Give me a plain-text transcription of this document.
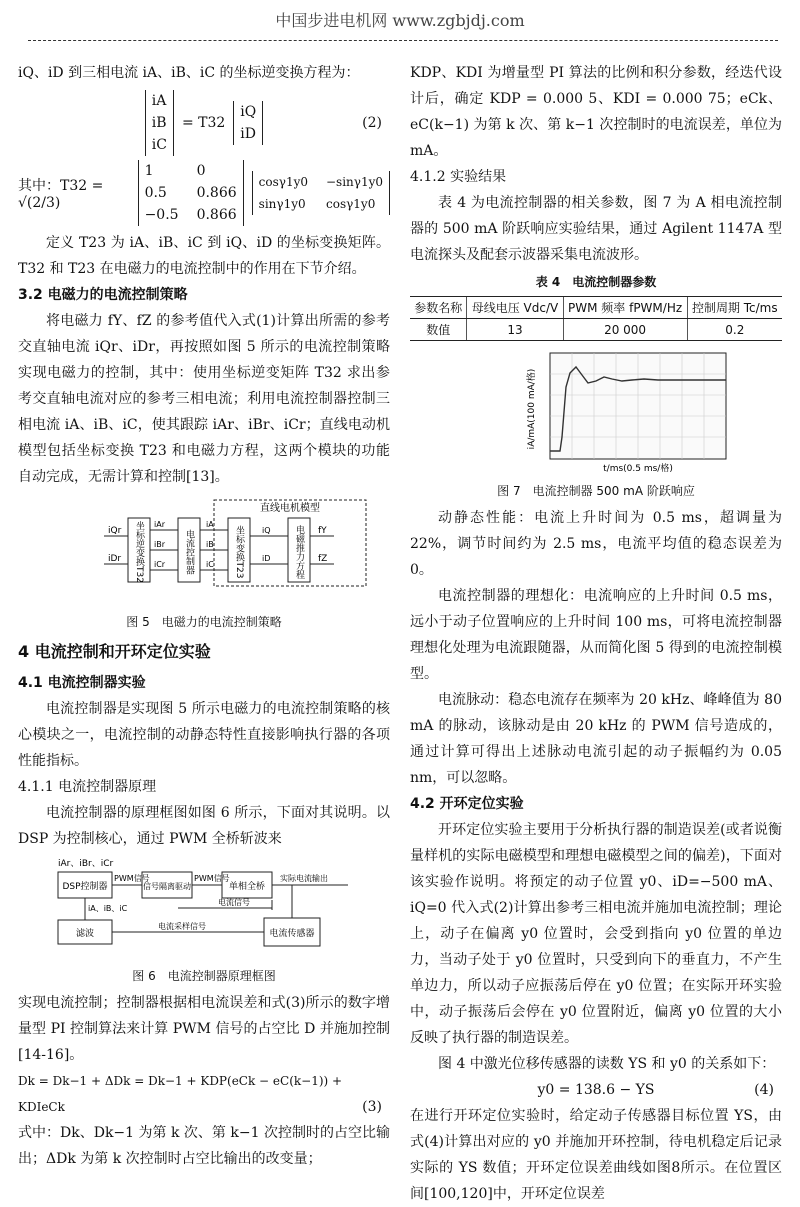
中国步进电机网 www.zgbjdj.com

iQ、iD 到三相电流 iA、iB、iC 的坐标逆变换方程为：

iA
iB
iC
= T32
iQ
iD
(2)
其中：T32 = √(2/3)
1	0
0.5	0.866
−0.5 0.866
cosγ1y0 −sinγ1y0
sinγ1y0 cosγ1y0

定义 T23 为 iA、iB、iC 到 iQ、iD 的坐标变换矩阵。T32 和 T23 在电磁力的电流控制中的作用在下节介绍。

3.2 电磁力的电流控制策略

将电磁力 fY、fZ 的参考值代入式(1)计算出所需的参考交直轴电流 iQr、iDr，再按照如图 5 所示的电流控制策略实现电磁力的控制，其中：使用坐标逆变矩阵 T32 求出参考交直轴电流对应的参考三相电流；利用电流控制器控制三相电流 iA、iB、iC，使其跟踪 iAr、iBr、iCr；直线电动机模型包括坐标变换 T23 和电磁力方程，这两个模块的功能自动完成，无需计算和控制[13]。

直线电机模型
坐标逆变换T32	电流控制器	坐标变换T23	电磁推力方程
iQr
iDr
iAr
iBr
iCr
iA
iB
iC
iQ
iD
fY
fZ
图 5　电磁力的电流控制策略
4 电流控制和开环定位实验
4.1 电流控制器实验

电流控制器是实现图 5 所示电磁力的电流控制策略的核心模块之一，电流控制的动静态特性直接影响执行器的各项性能指标。

4.1.1 电流控制器原理

电流控制器的原理框图如图 6 所示，下面对其说明。以 DSP 为控制核心，通过 PWM 全桥斩波来

iAr、iBr、iCr
DSP控制器	信号隔离驱动	单相全桥
滤波	电流传感器
PWM信号	PWM信号	实际电流输出
电流信号
电流采样信号
iA、iB、iC
图 6　电流控制器原理框图

实现电流控制；控制器根据相电流误差和式(3)所示的数字增量型 PI 控制算法来计算 PWM 信号的占空比 D 并施加控制[14-16]。

Dk = Dk−1 + ΔDk = Dk−1 + KDP(eCk − eC(k−1)) + KDIeCk	(3)

式中：Dk、Dk−1 为第 k 次、第 k−1 次控制时的占空比输出；ΔDk 为第 k 次控制时占空比输出的改变量；

KDP、KDI 为增量型 PI 算法的比例和积分参数，经迭代设计后，确定 KDP = 0.000 5、KDI = 0.000 75；eCk、eC(k−1) 为第 k 次、第 k−1 次控制时的电流误差，单位为 mA。

4.1.2 实验结果

表 4 为电流控制器的相关参数，图 7 为 A 相电流控制器的 500 mA 阶跃响应实验结果，通过 Agilent 1147A 型电流探头及配套示波器采集电流波形。

表 4　电流控制器参数
参数名称	母线电压 Vdc/V	PWM 频率 fPWM/Hz	控制周期 Tc/ms
数值	13	20 000	0.2
iA/mA(100 mA/格)
t/ms(0.5 ms/格)
图 7　电流控制器 500 mA 阶跃响应

动静态性能：电流上升时间为 0.5 ms，超调量为 22%，调节时间约为 2.5 ms，电流平均值的稳态误差为 0。

电流控制器的理想化：电流响应的上升时间 0.5 ms，远小于动子位置响应的上升时间 100 ms，可将电流控制器理想化处理为电流跟随器，从而简化图 5 得到的电流控制模型。

电流脉动：稳态电流存在频率为 20 kHz、峰峰值为 80 mA 的脉动，该脉动是由 20 kHz 的 PWM 信号造成的，通过计算可得出上述脉动电流引起的动子振幅约为 0.05 nm，可以忽略。

4.2 开环定位实验

开环定位实验主要用于分析执行器的制造误差(或者说衡量样机的实际电磁模型和理想电磁模型之间的偏差)，下面对该实验作说明。将预定的动子位置 y0、iD=−500 mA、iQ=0 代入式(2)计算出参考三相电流并施加电流控制；理论上，动子在偏离 y0 位置时，会受到指向 y0 位置的单边力，当动子处于 y0 位置时，只受到向下的垂直力，不产生单边力，所以动子应振荡后停在 y0 位置；在实际开环实验中，动子振荡后会停在 y0 位置附近，偏离 y0 位置的大小反映了执行器的制造误差。

图 4 中激光位移传感器的读数 YS 和 y0 的关系如下：

y0 = 138.6 − YS	(4)

在进行开环定位实验时，给定动子传感器目标位置 YS，由式(4)计算出对应的 y0 并施加开环控制，待电机稳定后记录实际的 YS 数值；开环定位误差曲线如图8所示。在位置区间[100,120]中，开环定位误差
